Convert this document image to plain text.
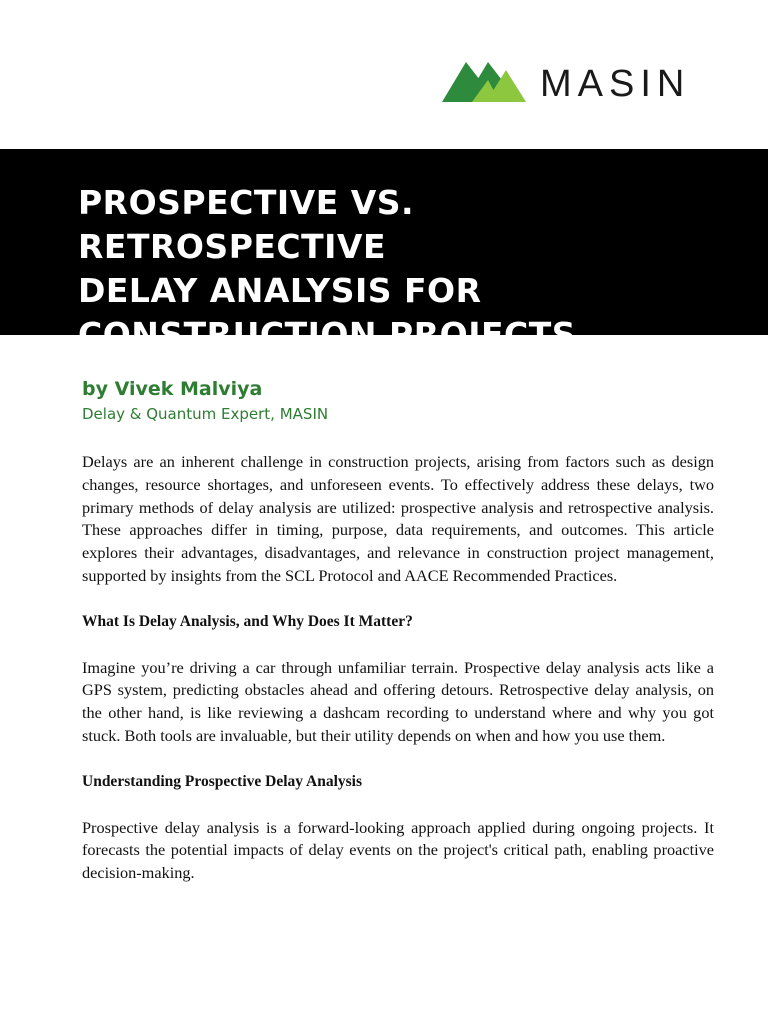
MASIN
PROSPECTIVE VS. RETROSPECTIVE
DELAY ANALYSIS FOR
CONSTRUCTION PROJECTS
by Vivek Malviya
Delay & Quantum Expert, MASIN

Delays are an inherent challenge in construction projects, arising from factors such as design changes, resource shortages, and unforeseen events. To effectively address these delays, two primary methods of delay analysis are utilized: prospective analysis and retrospective analysis. These approaches differ in timing, purpose, data requirements, and outcomes. This article explores their advantages, disadvantages, and relevance in construction project management, supported by insights from the SCL Protocol and AACE Recommended Practices.

What Is Delay Analysis, and Why Does It Matter?

Imagine you’re driving a car through unfamiliar terrain. Prospective delay analysis acts like a GPS system, predicting obstacles ahead and offering detours. Retrospective delay analysis, on the other hand, is like reviewing a dashcam recording to understand where and why you got stuck. Both tools are invaluable, but their utility depends on when and how you use them.

Understanding Prospective Delay Analysis

Prospective delay analysis is a forward-looking approach applied during ongoing projects. It forecasts the potential impacts of delay events on the project's critical path, enabling proactive decision-making.
